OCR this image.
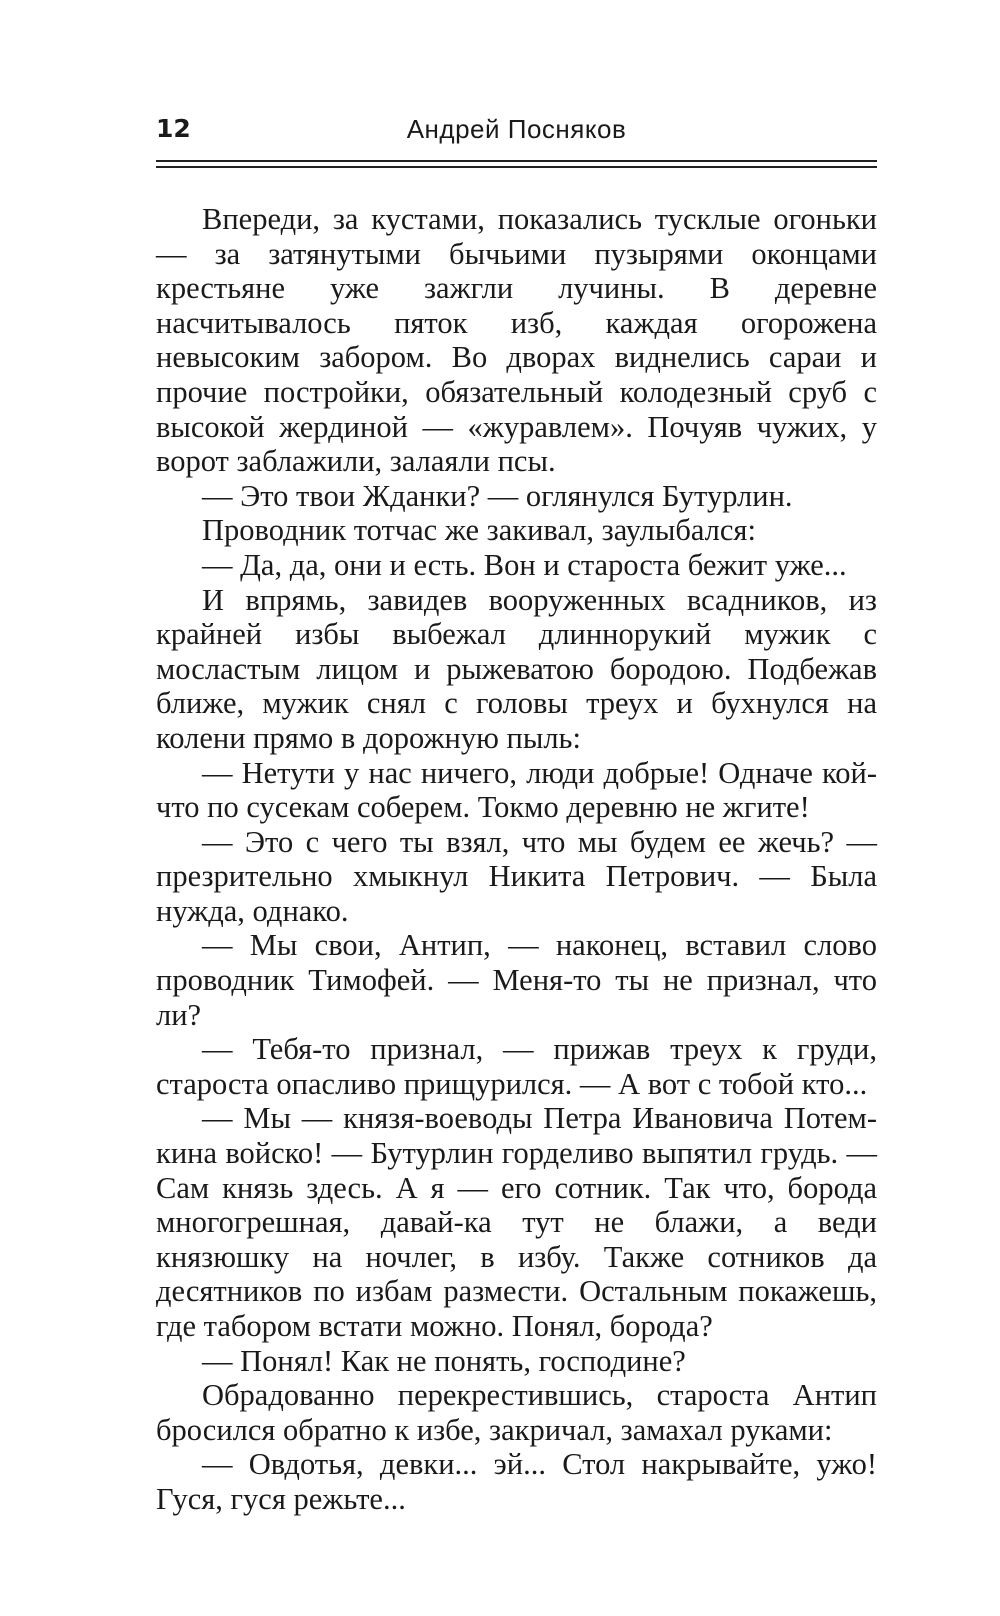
12	Андрей Посняков

Впереди, за кустами, показались тусклые огоньки — за затянутыми бычьими пузырями оконцами крестьяне уже зажгли лучины. В деревне насчитывалось пяток изб, каждая огорожена невысоким забором. Во дворах виднелись сараи и прочие постройки, обязательный колодезный сруб с высокой жердиной — «журавлем». Почуяв чужих, у ворот заблажили, залаяли псы.

— Это твои Жданки? — оглянулся Бутурлин.

Проводник тотчас же закивал, заулыбался:

— Да, да, они и есть. Вон и староста бежит уже...

И впрямь, завидев вооруженных всадников, из крайней избы выбежал длиннорукий мужик с мосластым лицом и рыжеватою бородою. Подбежав ближе, мужик снял с головы треух и бухнулся на колени прямо в дорожную пыль:

— Нетути у нас ничего, люди добрые! Одначе койчто по сусекам соберем. Токмо деревню не жгите!

— Это с чего ты взял, что мы будем ее жечь? — презрительно хмыкнул Никита Петрович. — Была нужда, однако.

— Мы свои, Антип, — наконец, вставил слово проводник Тимофей. — Меня-то ты не признал, что ли?

— Тебя-то признал, — прижав треух к груди, староста опасливо прищурился. — А вот с тобой кто...

— Мы — князя-воеводы Петра Ивановича Потемкина войско! — Бутурлин горделиво выпятил грудь. — Сам князь здесь. А я — его сотник. Так что, борода многогрешная, давай-ка тут не блажи, а веди князюшку на ночлег, в избу. Также сотников да десятников по избам размести. Остальным покажешь, где табором встати можно. Понял, борода?

— Понял! Как не понять, господине?

Обрадованно перекрестившись, староста Антип бросился обратно к избе, закричал, замахал руками:

— Овдотья, девки... эй... Стол накрывайте, ужо! Гуся, гуся режьте...
